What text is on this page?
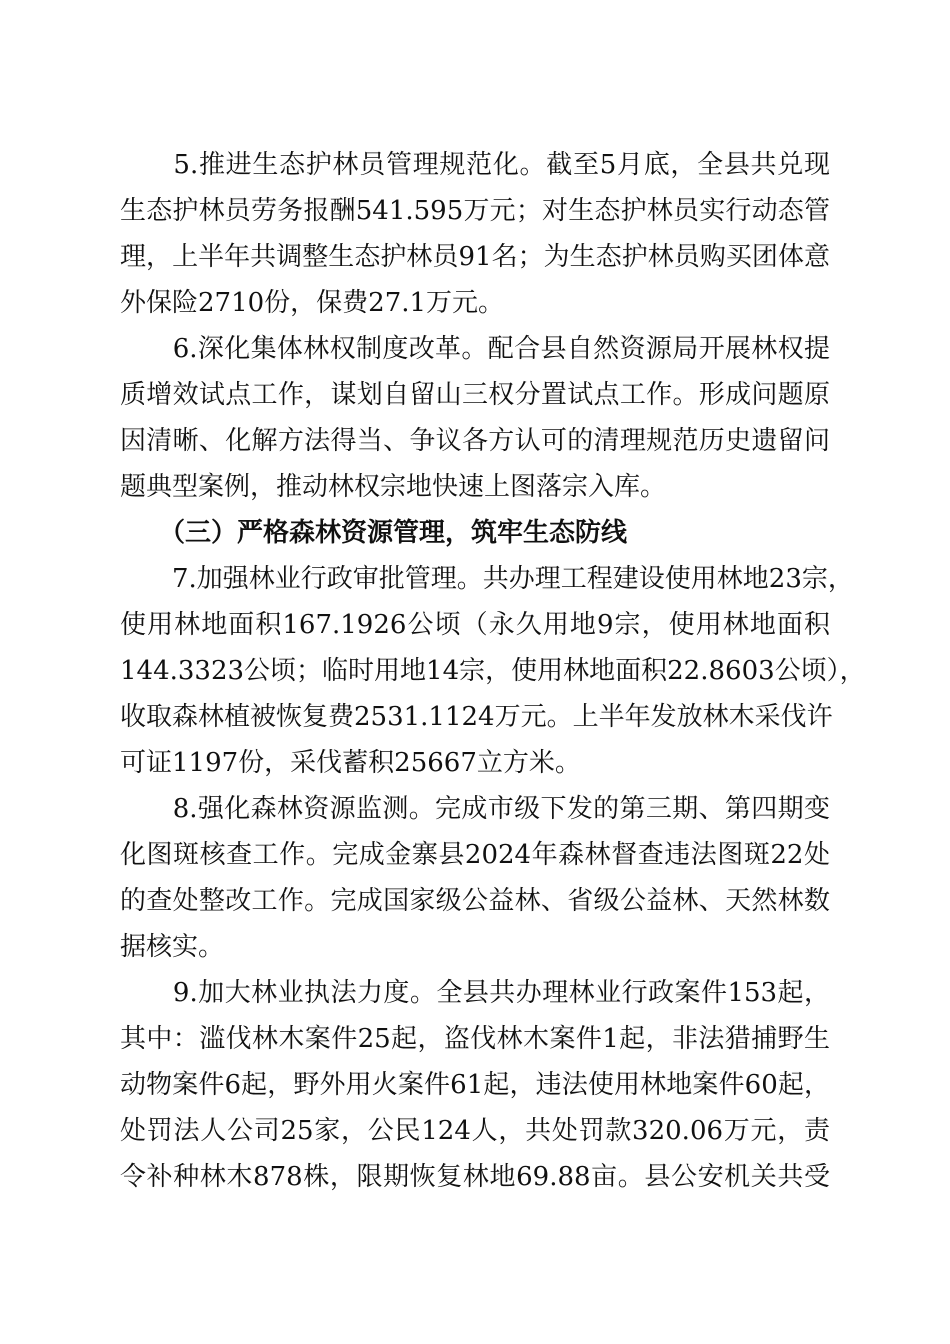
　　5.推进生态护林员管理规范化。截至5月底，全县共兑现
生态护林员劳务报酬541.595万元；对生态护林员实行动态管
理，上半年共调整生态护林员91名；为生态护林员购买团体意
外保险2710份，保费27.1万元。
　　6.深化集体林权制度改革。配合县自然资源局开展林权提
质增效试点工作，谋划自留山三权分置试点工作。形成问题原
因清晰、化解方法得当、争议各方认可的清理规范历史遗留问
题典型案例，推动林权宗地快速上图落宗入库。
　　（三）严格森林资源管理，筑牢生态防线
　　7.加强林业行政审批管理。共办理工程建设使用林地23宗，
使用林地面积167.1926公顷（永久用地9宗，使用林地面积
144.3323公顷；临时用地14宗，使用林地面积22.8603公顷），
收取森林植被恢复费2531.1124万元。上半年发放林木采伐许
可证1197份，采伐蓄积25667立方米。
　　8.强化森林资源监测。完成市级下发的第三期、第四期变
化图斑核查工作。完成金寨县2024年森林督查违法图斑22处
的查处整改工作。完成国家级公益林、省级公益林、天然林数
据核实。
　　9.加大林业执法力度。全县共办理林业行政案件153起，
其中：滥伐林木案件25起，盗伐林木案件1起，非法猎捕野生
动物案件6起，野外用火案件61起，违法使用林地案件60起，
处罚法人公司25家，公民124人，共处罚款320.06万元，责
令补种林木878株，限期恢复林地69.88亩。县公安机关共受
